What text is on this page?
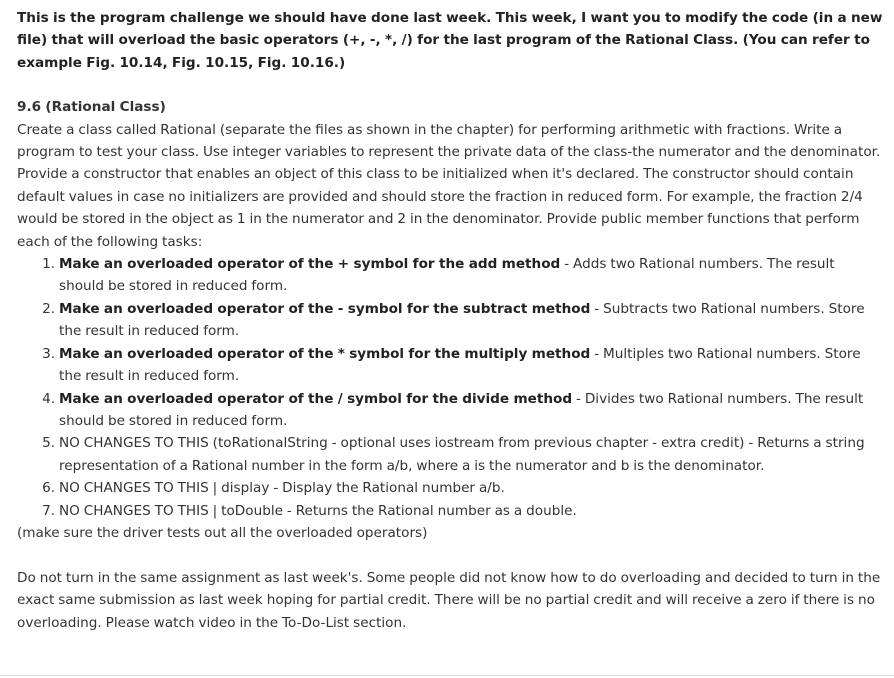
This is the program challenge we should have done last week. This week, I want you to modify the code (in a new file) that will overload the basic operators (+, -, *, /) for the last program of the Rational Class. (You can refer to example Fig. 10.14, Fig. 10.15, Fig. 10.16.)

9.6 (Rational Class)

Create a class called Rational (separate the files as shown in the chapter) for performing arithmetic with fractions. Write a program to test your class. Use integer variables to represent the private data of the class-the numerator and the denominator. Provide a constructor that enables an object of this class to be initialized when it's declared. The constructor should contain default values in case no initializers are provided and should store the fraction in reduced form. For example, the fraction 2/4 would be stored in the object as 1 in the numerator and 2 in the denominator. Provide public member functions that perform each of the following tasks:

1. Make an overloaded operator of the + symbol for the add method - Adds two Rational numbers. The result should be stored in reduced form.
2. Make an overloaded operator of the - symbol for the subtract method - Subtracts two Rational numbers. Store the result in reduced form.
3. Make an overloaded operator of the * symbol for the multiply method - Multiples two Rational numbers. Store the result in reduced form.
4. Make an overloaded operator of the / symbol for the divide method - Divides two Rational numbers. The result should be stored in reduced form.
5. NO CHANGES TO THIS (toRationalString - optional uses iostream from previous chapter - extra credit) - Returns a string representation of a Rational number in the form a/b, where a is the numerator and b is the denominator.
6. NO CHANGES TO THIS | display - Display the Rational number a/b.
7. NO CHANGES TO THIS | toDouble - Returns the Rational number as a double.

(make sure the driver tests out all the overloaded operators)

Do not turn in the same assignment as last week's. Some people did not know how to do overloading and decided to turn in the exact same submission as last week hoping for partial credit. There will be no partial credit and will receive a zero if there is no overloading. Please watch video in the To-Do-List section.
